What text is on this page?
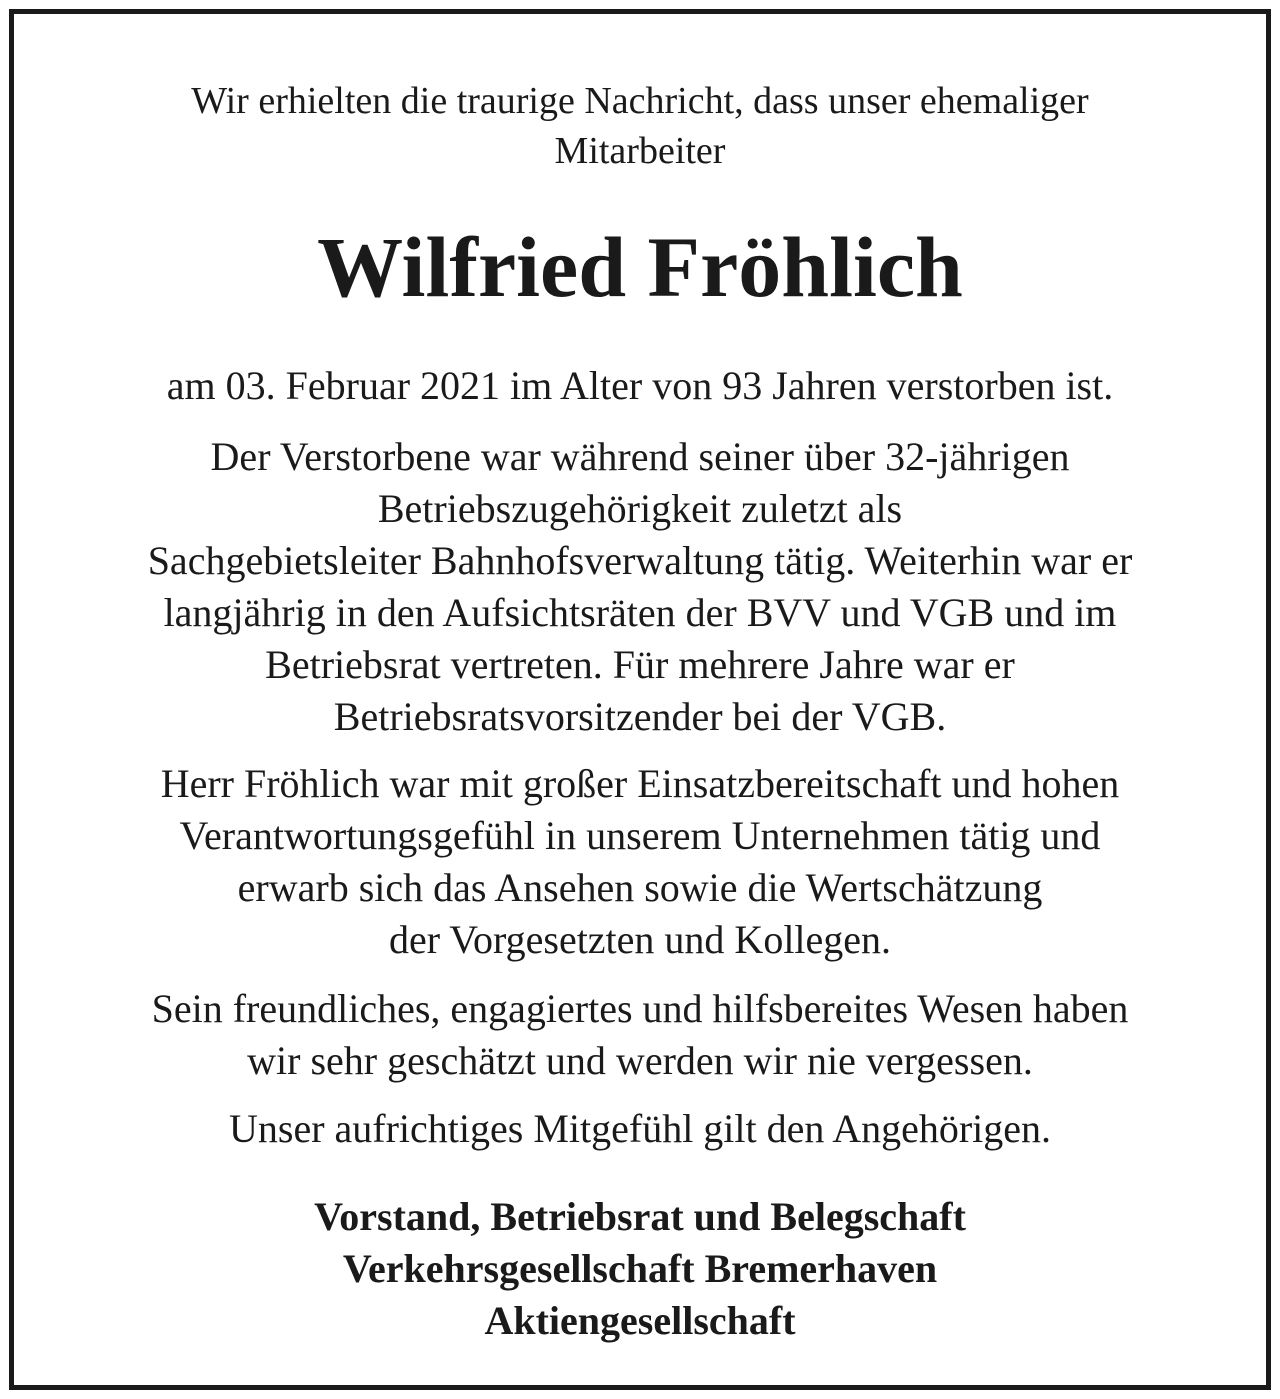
Wir erhielten die traurige Nachricht, dass unser ehemaliger
Mitarbeiter
Wilfried Fröhlich
am 03. Februar 2021 im Alter von 93 Jahren verstorben ist.
Der Verstorbene war während seiner über 32-jährigen
Betriebszugehörigkeit zuletzt als
Sachgebietsleiter Bahnhofsverwaltung tätig. Weiterhin war er
langjährig in den Aufsichtsräten der BVV und VGB und im
Betriebsrat vertreten. Für mehrere Jahre war er
Betriebsratsvorsitzender bei der VGB.
Herr Fröhlich war mit großer Einsatzbereitschaft und hohen
Verantwortungsgefühl in unserem Unternehmen tätig und
erwarb sich das Ansehen sowie die Wertschätzung
der Vorgesetzten und Kollegen.
Sein freundliches, engagiertes und hilfsbereites Wesen haben
wir sehr geschätzt und werden wir nie vergessen.
Unser aufrichtiges Mitgefühl gilt den Angehörigen.
Vorstand, Betriebsrat und Belegschaft
Verkehrsgesellschaft Bremerhaven
Aktiengesellschaft
